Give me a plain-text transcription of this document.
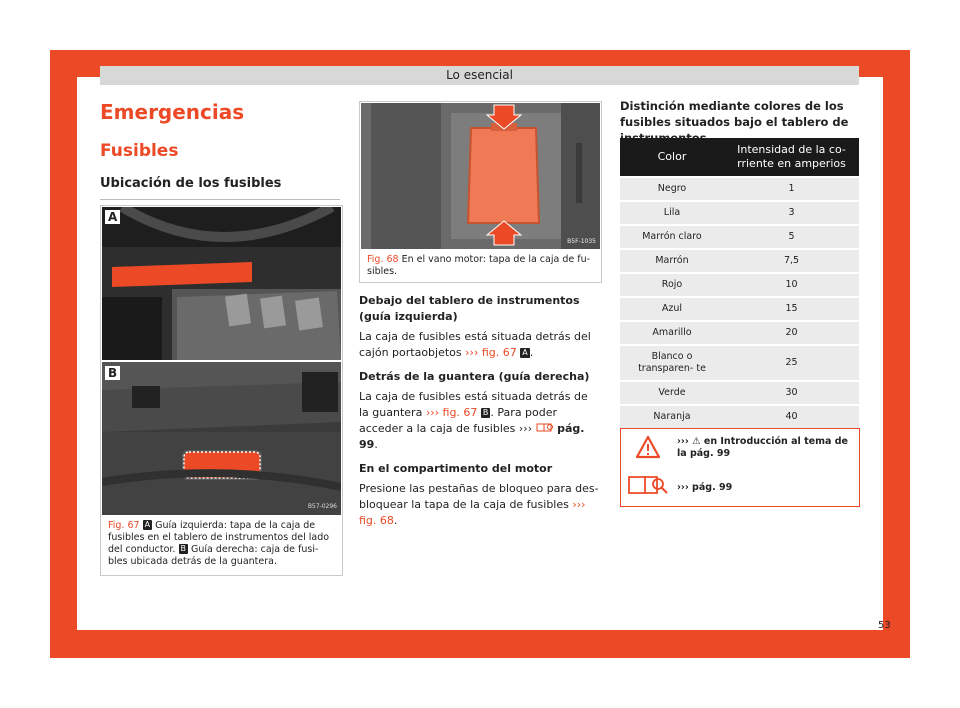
Lo esencial
Emergencias
Fusibles
Ubicación de los fusibles
A
B
B57-0296
Fig. 67 A Guía izquierda: tapa de la caja de fusibles en el tablero de instrumentos del lado del conductor. B Guía derecha: caja de fusi- bles ubicada detrás de la guantera.
B5F-1035
Fig. 68 En el vano motor: tapa de la caja de fu- sibles.
Debajo del tablero de instrumentos (guía izquierda)
La caja de fusibles está situada detrás del cajón portaobjetos ››› fig. 67 A .
Detrás de la guantera (guía derecha)
La caja de fusibles está situada detrás de la guantera ››› fig. 67 B . Para poder acceder a la caja de fusibles ››› pág. 99.
En el compartimento del motor
Presione las pestañas de bloqueo para des- bloquear la tapa de la caja de fusibles ››› fig. 68.
Distinción mediante colores de los fusibles situados bajo el tablero de
Color	Intensidad de la co- rriente en amperios
Negro	1
Lila	3
Marrón claro	5
Marrón	7,5
Rojo	10
Azul	15
Amarillo	20
Blanco o transparen- te	25
Verde	30
Naranja	40
››› ⚠ en Introducción al tema de la pág. 99
››› pág. 99
53
